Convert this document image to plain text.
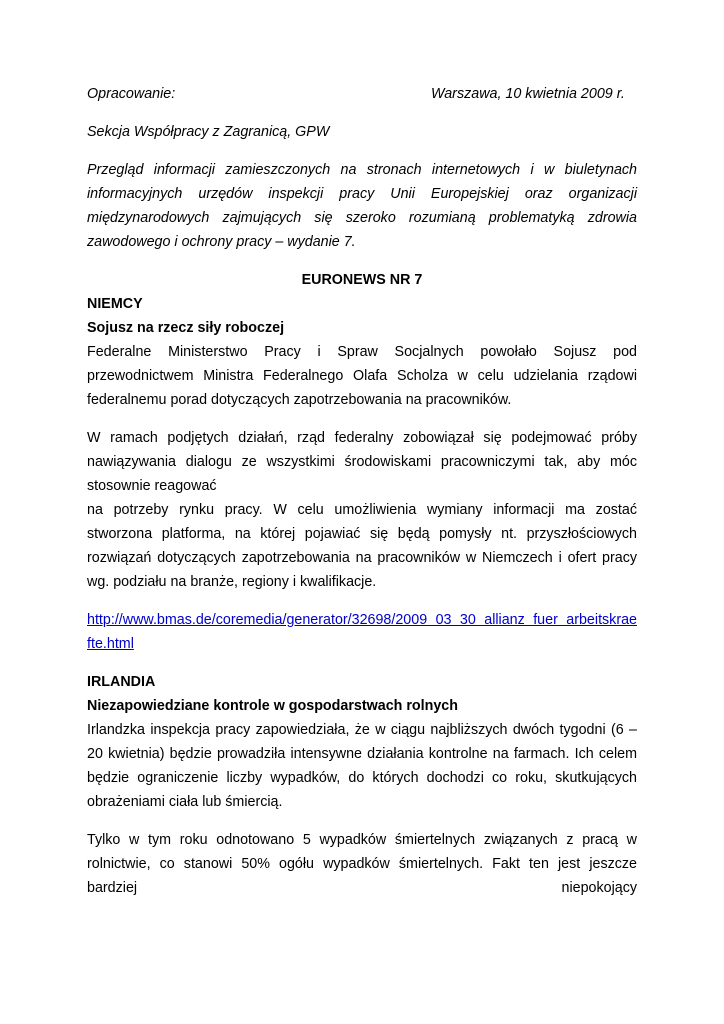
Opracowanie:	Warszawa, 10 kwietnia 2009 r.

Sekcja Współpracy z Zagranicą, GPW

Przegląd informacji zamieszczonych na stronach internetowych i w biuletynach informacyjnych urzędów inspekcji pracy Unii Europejskiej oraz organizacji międzynarodowych zajmujących się szeroko rozumianą problematyką zdrowia zawodowego i ochrony pracy – wydanie 7.

EURONEWS NR 7

NIEMCY

Sojusz na rzecz siły roboczej

Federalne Ministerstwo Pracy i Spraw Socjalnych powołało Sojusz pod przewodnictwem Ministra Federalnego Olafa Scholza w celu udzielania rządowi federalnemu porad dotyczących zapotrzebowania na pracowników.

W ramach podjętych działań, rząd federalny zobowiązał się podejmować próby nawiązywania dialogu ze wszystkimi środowiskami pracowniczymi tak, aby móc stosownie reagować

na potrzeby rynku pracy. W celu umożliwienia wymiany informacji ma zostać stworzona platforma, na której pojawiać się będą pomysły nt. przyszłościowych rozwiązań dotyczących zapotrzebowania na pracowników w Niemczech i ofert pracy wg. podziału na branże, regiony i kwalifikacje.

http://www.bmas.de/coremedia/generator/32698/2009 03 30 allianz fuer arbeitskrae
fte.html

IRLANDIA

Niezapowiedziane kontrole w gospodarstwach rolnych

Irlandzka inspekcja pracy zapowiedziała, że w ciągu najbliższych dwóch tygodni (6 – 20 kwietnia) będzie prowadziła intensywne działania kontrolne na farmach. Ich celem będzie ograniczenie liczby wypadków, do których dochodzi co roku, skutkujących obrażeniami ciała lub śmiercią.

Tylko w tym roku odnotowano 5 wypadków śmiertelnych związanych z pracą w rolnictwie, co stanowi 50% ogółu wypadków śmiertelnych. Fakt ten jest jeszcze bardziej niepokojący
